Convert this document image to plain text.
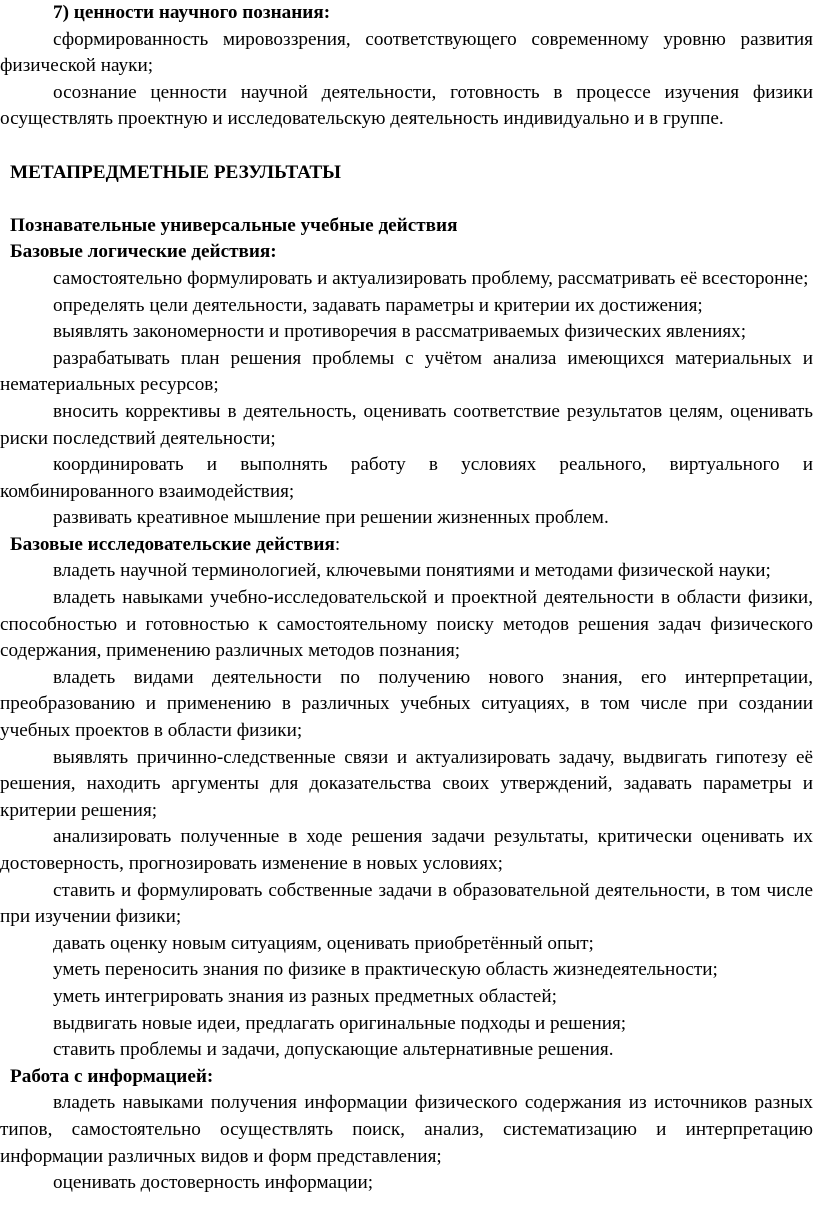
7) ценности научного познания:

сформированность мировоззрения, соответствующего современному уровню развития физической науки;

осознание ценности научной деятельности, готовность в процессе изучения физики осуществлять проектную и исследовательскую деятельность индивидуально и в группе.

МЕТАПРЕДМЕТНЫЕ РЕЗУЛЬТАТЫ

Познавательные универсальные учебные действия

Базовые логические действия:

самостоятельно формулировать и актуализировать проблему, рассматривать её всесторонне;

определять цели деятельности, задавать параметры и критерии их достижения;

выявлять закономерности и противоречия в рассматриваемых физических явлениях;

разрабатывать план решения проблемы с учётом анализа имеющихся материальных и нематериальных ресурсов;

вносить коррективы в деятельность, оценивать соответствие результатов целям, оценивать риски последствий деятельности;

координировать и выполнять работу в условиях реального, виртуального и комбинированного взаимодействия;

развивать креативное мышление при решении жизненных проблем.

Базовые исследовательские действия:

владеть научной терминологией, ключевыми понятиями и методами физической науки;

владеть навыками учебно-исследовательской и проектной деятельности в области физики, способностью и готовностью к самостоятельному поиску методов решения задач физического содержания, применению различных методов познания;

владеть видами деятельности по получению нового знания, его интерпретации, преобразованию и применению в различных учебных ситуациях, в том числе при создании учебных проектов в области физики;

выявлять причинно-следственные связи и актуализировать задачу, выдвигать гипотезу её решения, находить аргументы для доказательства своих утверждений, задавать параметры и критерии решения;

анализировать полученные в ходе решения задачи результаты, критически оценивать их достоверность, прогнозировать изменение в новых условиях;

ставить и формулировать собственные задачи в образовательной деятельности, в том числе при изучении физики;

давать оценку новым ситуациям, оценивать приобретённый опыт;

уметь переносить знания по физике в практическую область жизнедеятельности;

уметь интегрировать знания из разных предметных областей;

выдвигать новые идеи, предлагать оригинальные подходы и решения;

ставить проблемы и задачи, допускающие альтернативные решения.

Работа с информацией:

владеть навыками получения информации физического содержания из источников разных типов, самостоятельно осуществлять поиск, анализ, систематизацию и интерпретацию информации различных видов и форм представления;

оценивать достоверность информации;
